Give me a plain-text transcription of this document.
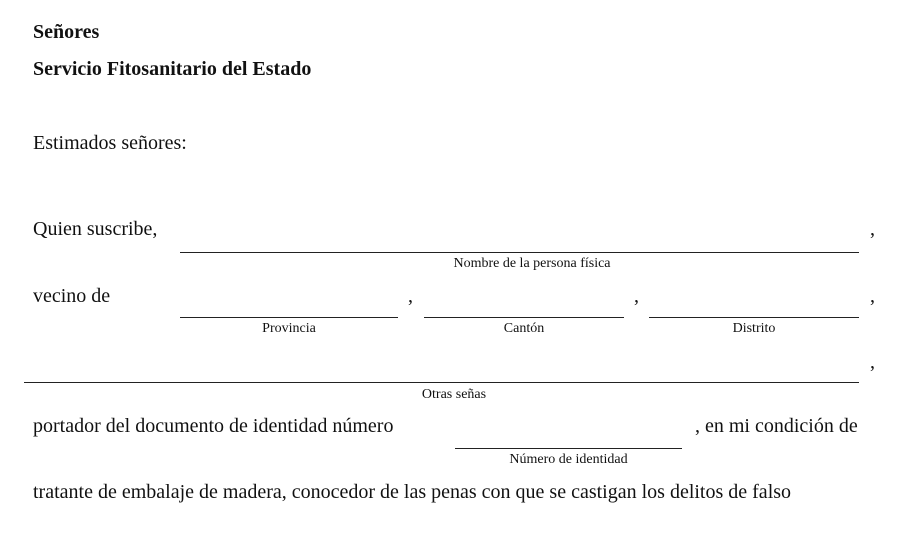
Señores
Servicio Fitosanitario del Estado
Estimados señores:
Quien suscribe,	,
Nombre de la persona física
vecino de	,	,	,
Provincia	Cantón	Distrito
,
Otras señas
portador del documento de identidad número	, en mi condición de
Número de identidad
tratante de embalaje de madera, conocedor de las penas con que se castigan los delitos de falso
